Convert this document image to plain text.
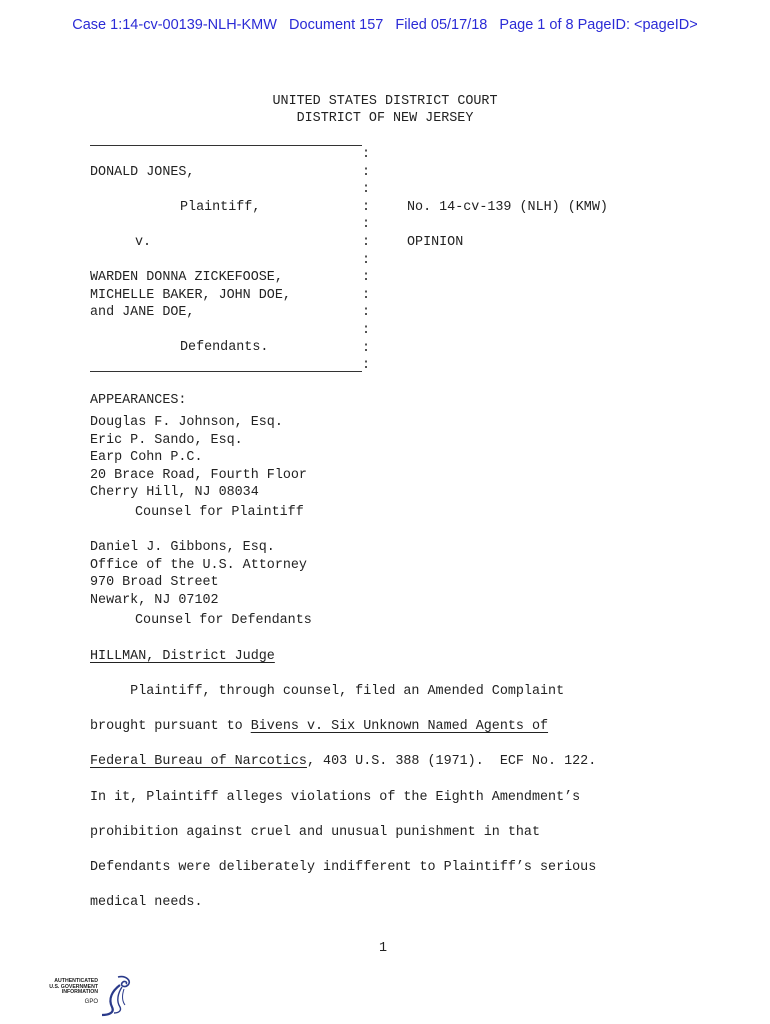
Case 1:14-cv-00139-NLH-KMW   Document 157   Filed 05/17/18   Page 1 of 8 PageID: <pageID>
UNITED STATES DISTRICT COURT
DISTRICT OF NEW JERSEY
DONALD JONES,
Plaintiff,
v.
WARDEN DONNA ZICKEFOOSE,
MICHELLE BAKER, JOHN DOE,
and JANE DOE,
Defendants.
:
:
:
:
:
:
:
:
:
:
:
:
:
No. 14-cv-139 (NLH) (KMW)
OPINION
APPEARANCES:
Douglas F. Johnson, Esq.
Eric P. Sando, Esq.
Earp Cohn P.C.
20 Brace Road, Fourth Floor
Cherry Hill, NJ 08034
Counsel for Plaintiff
Daniel J. Gibbons, Esq.
Office of the U.S. Attorney
970 Broad Street
Newark, NJ 07102
Counsel for Defendants
HILLMAN, District Judge
Plaintiff, through counsel, filed an Amended Complaint
brought pursuant to Bivens v. Six Unknown Named Agents of
Federal Bureau of Narcotics, 403 U.S. 388 (1971).  ECF No. 122.
In it, Plaintiff alleges violations of the Eighth Amendment’s
prohibition against cruel and unusual punishment in that
Defendants were deliberately indifferent to Plaintiff’s serious
medical needs.
1
AUTHENTICATED
U.S. GOVERNMENT
INFORMATION
GPO
